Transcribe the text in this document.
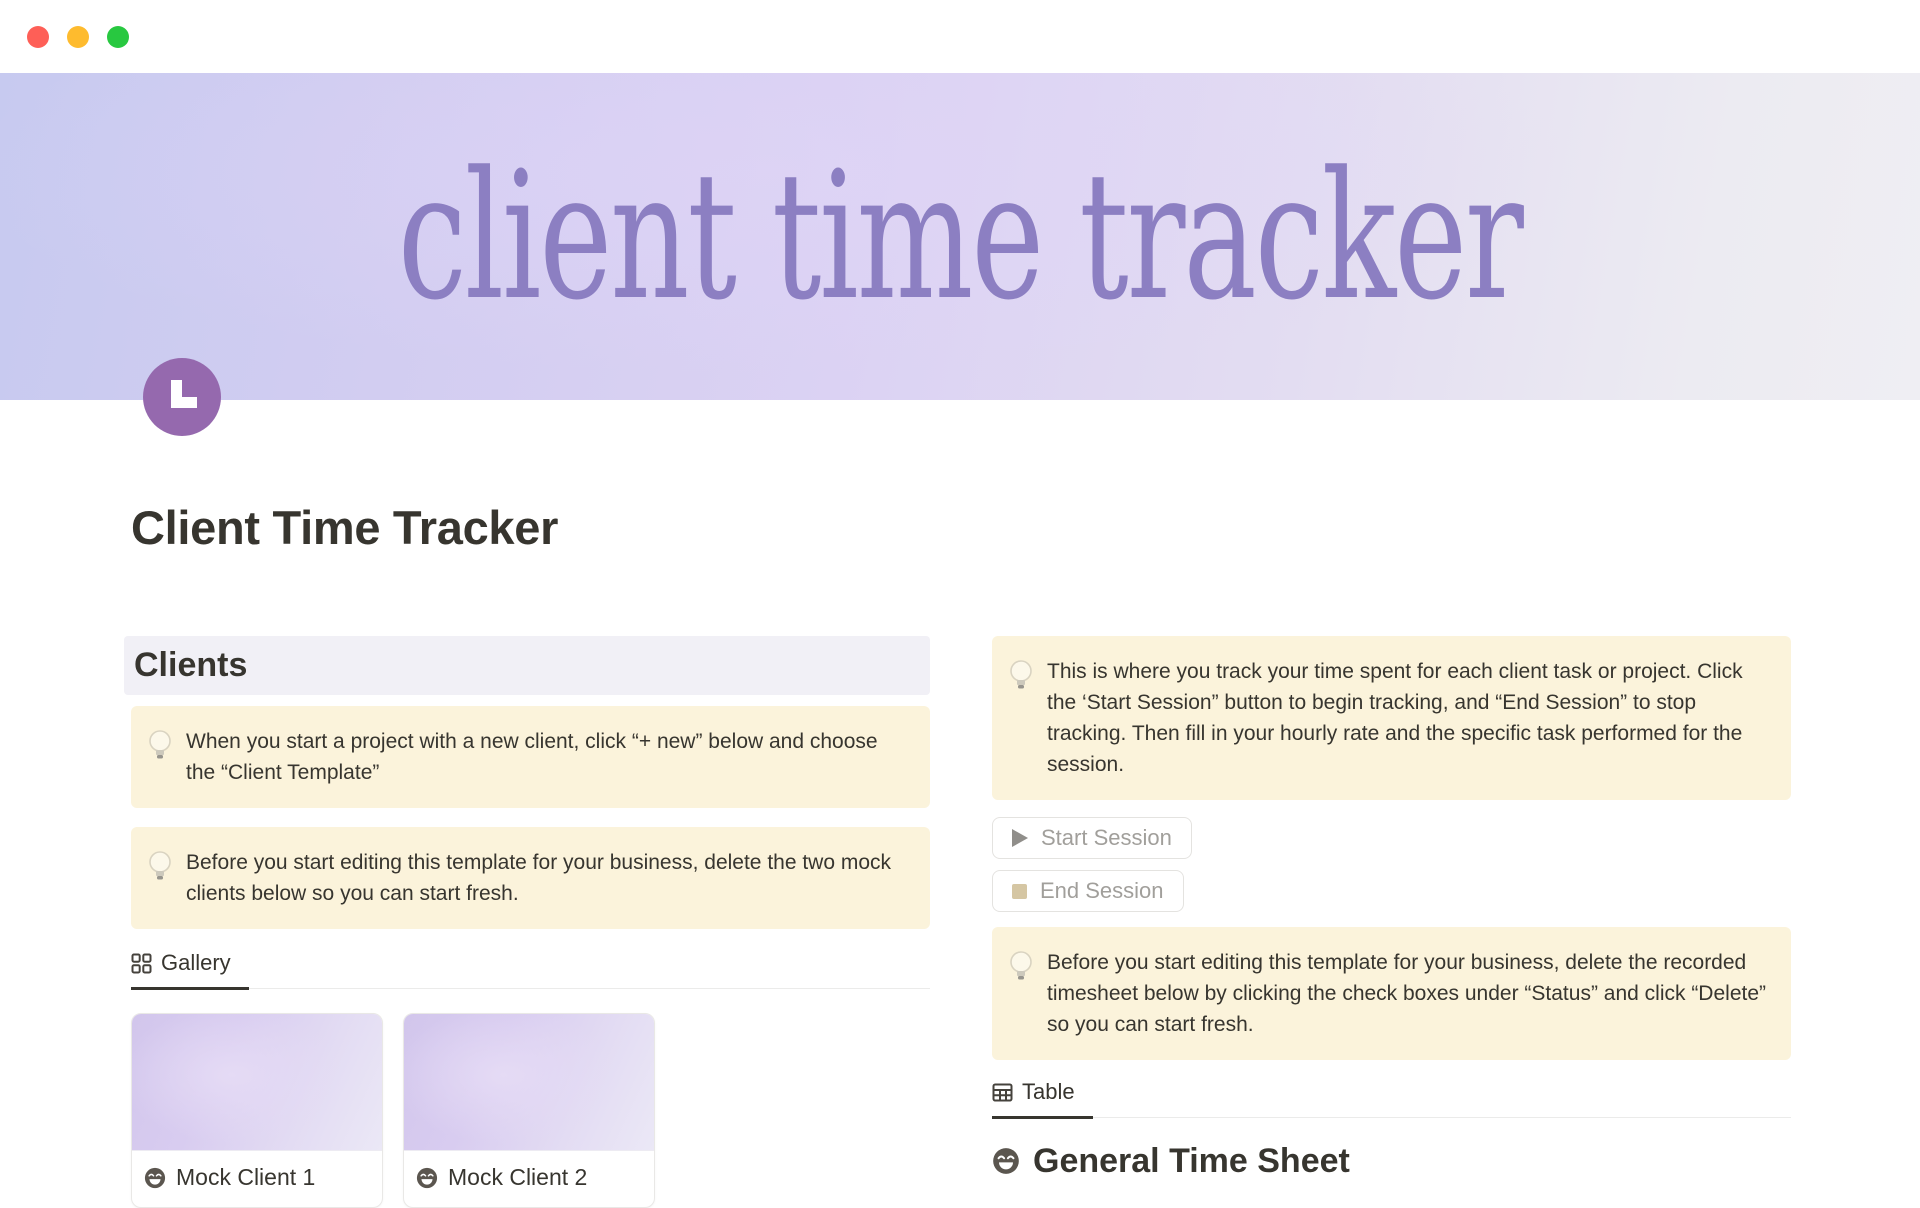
client time tracker
Client Time Tracker
Clients
When you start a project with a new client, click “+ new” below and choose the “Client Template”
Before you start editing this template for your business, delete the two mock clients below so you can start fresh.
Gallery
Mock Client 1	Mock Client 2
This is where you track your time spent for each client task or project. Click the ‘Start Session” button to begin tracking, and “End Session” to stop tracking. Then fill in your hourly rate and the specific task performed for the session.
Start Session
End Session
Before you start editing this template for your business, delete the recorded timesheet below by clicking the check boxes under “Status” and click “Delete” so you can start fresh.
Table
General Time Sheet
